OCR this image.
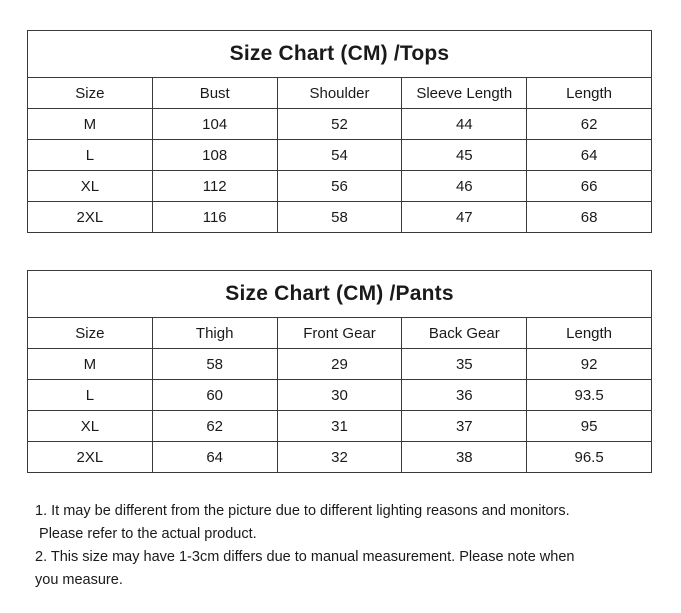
Size Chart (CM) /Tops				
Size	Bust	Shoulder	Sleeve Length	Length
M	104	52	44	62
L	108	54	45	64
XL	112	56	46	66
2XL	116	58	47	68
Size Chart (CM) /Pants				
Size	Thigh	Front Gear	Back Gear	Length
M	58	29	35	92
L	60	30	36	93.5
XL	62	31	37	95
2XL	64	32	38	96.5

1. It may be different from the picture due to different lighting reasons and monitors.

Please refer to the actual product.

2. This size may have 1-3cm differs due to manual measurement. Please note when

you measure.
